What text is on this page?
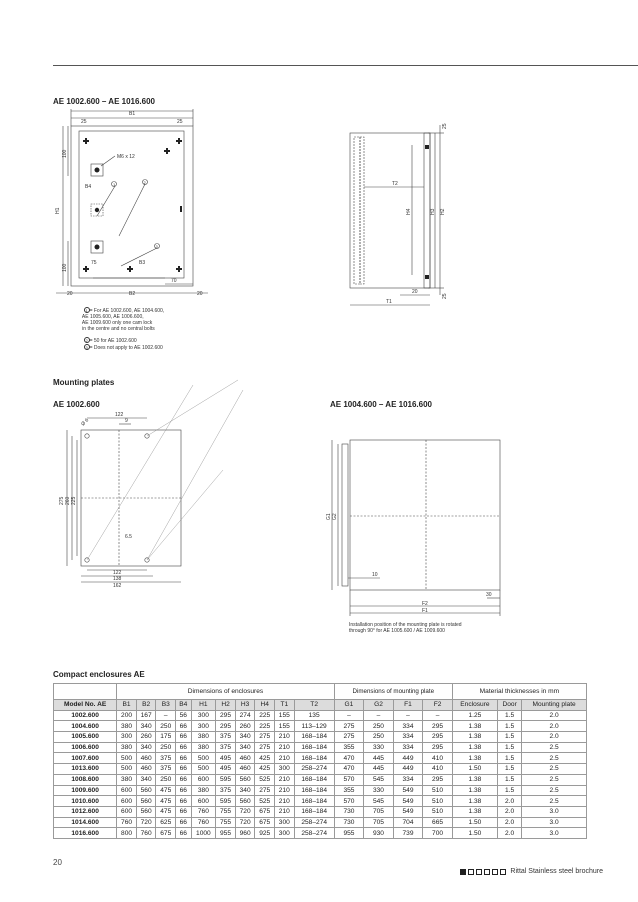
AE 1002.600 – AE 1016.600
B1
25	25
100
H1
100
M6 x 12
B4
75	B3
70
20	B2	20
1	2
3

1 = For AE 1002.600, AE 1004.600,
AE 1005.600, AE 1006.600,
AE 1009.600 only one cam lock
in the centre and no central bolts

2 = 50 for AE 1002.600

3 = Does not apply to AE 1002.600

25
T2
H4	H3 H2
20
25
T1
Mounting plates
AE 1002.600	AE 1004.600 – AE 1016.600
122
9
Ø 6
275 260 225
6.5
122
138
162
G1 G2
10
30
F2
F1
Installation position of the mounting plate is rotated
through 90° for AE 1005.600 / AE 1009.600
Compact enclosures AE
	Dimensions of enclosures										Dimensions of mounting plate				Material thicknesses in mm		
Model No. AE	B1	B2	B3	B4	H1	H2	H3	H4	T1	T2	G1	G2	F1	F2	Enclosure	Door	Mounting plate
1002.600	200	167	–	56	300	295	274	225	155	135	–	–	–	–	1.25	1.5	2.0
1004.600	380	340	250	66	300	295	260	225	155	113–129	275	250	334	295	1.38	1.5	2.0
1005.600	300	260	175	66	380	375	340	275	210	168–184	275	250	334	295	1.38	1.5	2.0
1006.600	380	340	250	66	380	375	340	275	210	168–184	355	330	334	295	1.38	1.5	2.5
1007.600	500	460	375	66	500	495	460	425	210	168–184	470	445	449	410	1.38	1.5	2.5
1013.600	500	460	375	66	500	495	460	425	300	258–274	470	445	449	410	1.50	1.5	2.5
1008.600	380	340	250	66	600	595	560	525	210	168–184	570	545	334	295	1.38	1.5	2.5
1009.600	600	560	475	66	380	375	340	275	210	168–184	355	330	549	510	1.38	1.5	2.5
1010.600	600	560	475	66	600	595	560	525	210	168–184	570	545	549	510	1.38	2.0	2.5
1012.600	600	560	475	66	760	755	720	675	210	168–184	730	705	549	510	1.38	2.0	3.0
1014.600	760	720	625	66	760	755	720	675	300	258–274	730	705	704	665	1.50	2.0	3.0
1016.600	800	760	675	66	1000	955	960	925	300	258–274	955	930	739	700	1.50	2.0	3.0
20
Rittal Stainless steel brochure
